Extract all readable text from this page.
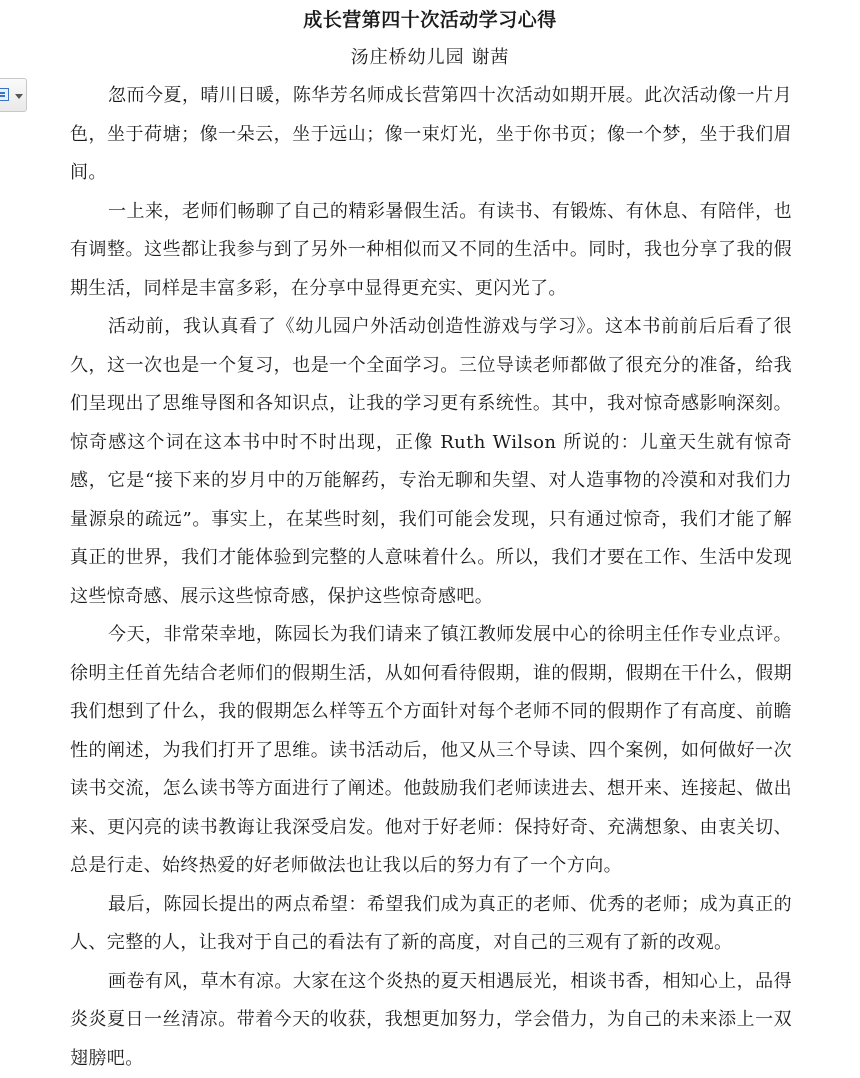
成长营第四十次活动学习心得
汤庄桥幼儿园 谢茜

忽而今夏，晴川日暖，陈华芳名师成长营第四十次活动如期开展。此次活动像一片月色，坐于荷塘；像一朵云，坐于远山；像一束灯光，坐于你书页；像一个梦，坐于我们眉间。

一上来，老师们畅聊了自己的精彩暑假生活。有读书、有锻炼、有休息、有陪伴，也有调整。这些都让我参与到了另外一种相似而又不同的生活中。同时，我也分享了我的假期生活，同样是丰富多彩，在分享中显得更充实、更闪光了。

活动前，我认真看了《幼儿园户外活动创造性游戏与学习》。这本书前前后后看了很久，这一次也是一个复习，也是一个全面学习。三位导读老师都做了很充分的准备，给我们呈现出了思维导图和各知识点，让我的学习更有系统性。其中，我对惊奇感影响深刻。惊奇感这个词在这本书中时不时出现，正像 Ruth Wilson 所说的：儿童天生就有惊奇感，它是“接下来的岁月中的万能解药，专治无聊和失望、对人造事物的冷漠和对我们力量源泉的疏远”。事实上，在某些时刻，我们可能会发现，只有通过惊奇，我们才能了解真正的世界，我们才能体验到完整的人意味着什么。所以，我们才要在工作、生活中发现这些惊奇感、展示这些惊奇感，保护这些惊奇感吧。

今天，非常荣幸地，陈园长为我们请来了镇江教师发展中心的徐明主任作专业点评。徐明主任首先结合老师们的假期生活，从如何看待假期，谁的假期，假期在干什么，假期我们想到了什么，我的假期怎么样等五个方面针对每个老师不同的假期作了有高度、前瞻性的阐述，为我们打开了思维。读书活动后，他又从三个导读、四个案例，如何做好一次读书交流，怎么读书等方面进行了阐述。他鼓励我们老师读进去、想开来、连接起、做出来、更闪亮的读书教诲让我深受启发。他对于好老师：保持好奇、充满想象、由衷关切、总是行走、始终热爱的好老师做法也让我以后的努力有了一个方向。

最后，陈园长提出的两点希望：希望我们成为真正的老师、优秀的老师；成为真正的人、完整的人，让我对于自己的看法有了新的高度，对自己的三观有了新的改观。

画卷有风，草木有凉。大家在这个炎热的夏天相遇辰光，相谈书香，相知心上，品得炎炎夏日一丝清凉。带着今天的收获，我想更加努力，学会借力，为自己的未来添上一双翅膀吧。
